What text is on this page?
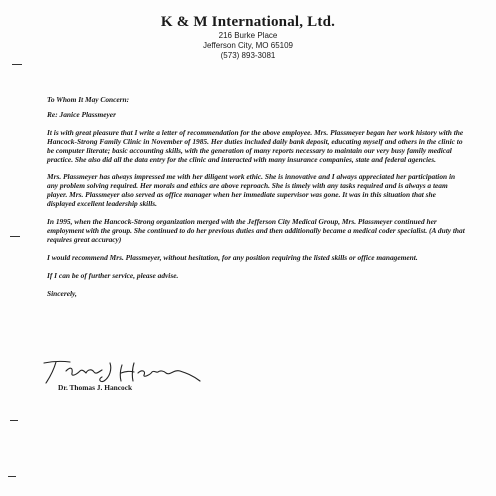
K & M International, Ltd.
216 Burke Place
Jefferson City, MO 65109
(573) 893-3081

To Whom It May Concern:

Re: Janice Plassmeyer

It is with great pleasure that I write a letter of recommendation for the above employee. Mrs. Plassmeyer began her work history with the Hancock-Strong Family Clinic in November of 1985. Her duties included daily bank deposit, educating myself and others in the clinic to be computer literate; basic accounting skills, with the generation of many reports necessary to maintain our very busy family medical practice. She also did all the data entry for the clinic and interacted with many insurance companies, state and federal agencies.

Mrs. Plassmeyer has always impressed me with her diligent work ethic. She is innovative and I always appreciated her participation in any problem solving required. Her morals and ethics are above reproach. She is timely with any tasks required and is always a team player. Mrs. Plassmeyer also served as office manager when her immediate supervisor was gone. It was in this situation that she displayed excellent leadership skills.

In 1995, when the Hancock-Strong organization merged with the Jefferson City Medical Group, Mrs. Plassmeyer continued her employment with the group. She continued to do her previous duties and then additionally became a medical coder specialist. (A duty that requires great accuracy)

I would recommend Mrs. Plassmeyer, without hesitation, for any position requiring the listed skills or office management.

If I can be of further service, please advise.

Sincerely,

Dr. Thomas J. Hancock
